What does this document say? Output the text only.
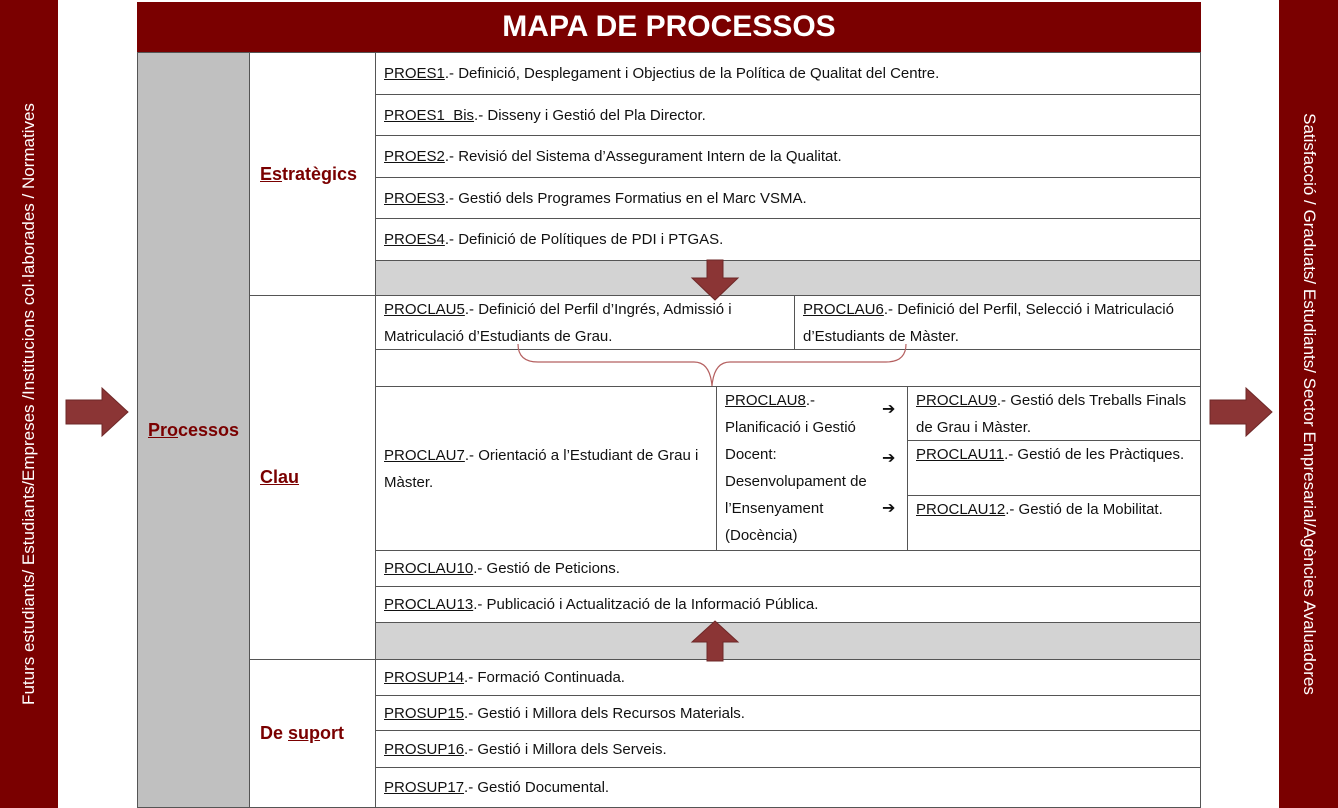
Futurs estudiants/ Estudiants/Empreses /Institucions col·laborades / Normatives	Satisfacció / Graduats/ Estudiants/ Sector Empresarial/Agències Avaluadores
MAPA DE PROCESSOS
Processos
Estratègics
Clau
De suport
PROES1.- Definició, Desplegament i Objectius de la Política de Qualitat del Centre.
PROES1  Bis.- Disseny i Gestió del Pla Director.
PROES2.- Revisió del Sistema d’Assegurament Intern de la Qualitat.
PROES3.- Gestió dels Programes Formatius en el Marc VSMA.
PROES4.- Definició de Polítiques de PDI i PTGAS.
PROCLAU5.- Definició del Perfil d’Ingrés, Admissió i Matriculació d’Estudiants de Grau.
PROCLAU6.- Definició del Perfil, Selecció i Matriculació d’Estudiants de Màster.
PROCLAU7.- Orientació a l’Estudiant de Grau i Màster.
PROCLAU8.- Planificació i Gestió Docent: Desenvolupament de l’Ensenyament (Docència)
➔
➔
➔
PROCLAU9.- Gestió dels Treballs Finals de Grau i Màster.
PROCLAU11.- Gestió de les Pràctiques.
PROCLAU12.- Gestió de la Mobilitat.
PROCLAU10.- Gestió de Peticions.
PROCLAU13.- Publicació i Actualització de la Informació Pública.
PROSUP14.- Formació Continuada.
PROSUP15.- Gestió i Millora dels Recursos Materials.
PROSUP16.- Gestió i Millora dels Serveis.
PROSUP17.- Gestió Documental.
